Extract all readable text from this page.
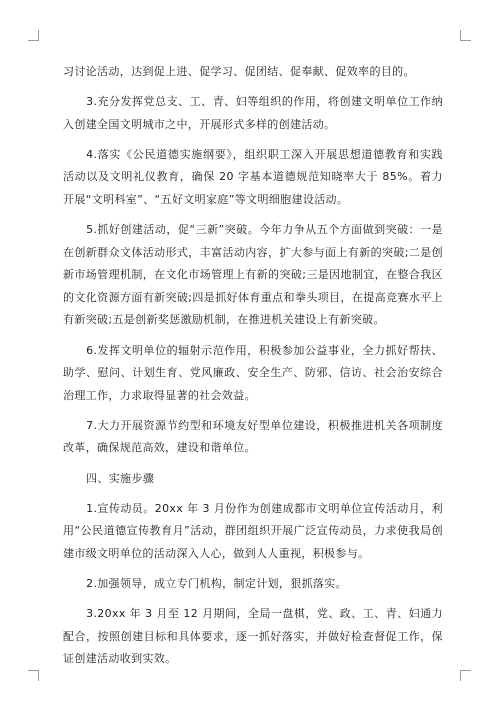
习讨论活动，达到促上进、促学习、促团结、促奉献、促效率的目的。

3.充分发挥党总支、工、青、妇等组织的作用，将创建文明单位工作纳入创建全国文明城市之中，开展形式多样的创建活动。

4.落实《公民道德实施纲要》，组织职工深入开展思想道德教育和实践活动以及文明礼仪教育，确保 20 字基本道德规范知晓率大于 85%。着力开展“文明科室”、“五好文明家庭”等文明细胞建设活动。

5.抓好创建活动，促“三新”突破。今年力争从五个方面做到突破：一是在创新群众文体活动形式，丰富活动内容，扩大参与面上有新的突破;二是创新市场管理机制，在文化市场管理上有新的突破;三是因地制宜，在整合我区的文化资源方面有新突破;四是抓好体育重点和拳头项目，在提高竞赛水平上有新突破;五是创新奖惩激励机制，在推进机关建设上有新突破。

6.发挥文明单位的辐射示范作用，积极参加公益事业，全力抓好帮扶、助学、慰问、计划生育、党风廉政、安全生产、防邪、信访、社会治安综合治理工作，力求取得显著的社会效益。

7.大力开展资源节约型和环境友好型单位建设，积极推进机关各项制度改革，确保规范高效，建设和谐单位。

四、实施步骤

1.宣传动员。20xx 年 3 月份作为创建成都市文明单位宣传活动月，利用“公民道德宣传教育月”活动，群团组织开展广泛宣传动员，力求使我局创建市级文明单位的活动深入人心，做到人人重视，积极参与。

2.加强领导，成立专门机构，制定计划，狠抓落实。

3.20xx 年 3 月至 12 月期间，全局一盘棋，党、政、工、青、妇通力配合，按照创建目标和具体要求，逐一抓好落实，并做好检查督促工作，保证创建活动收到实效。
